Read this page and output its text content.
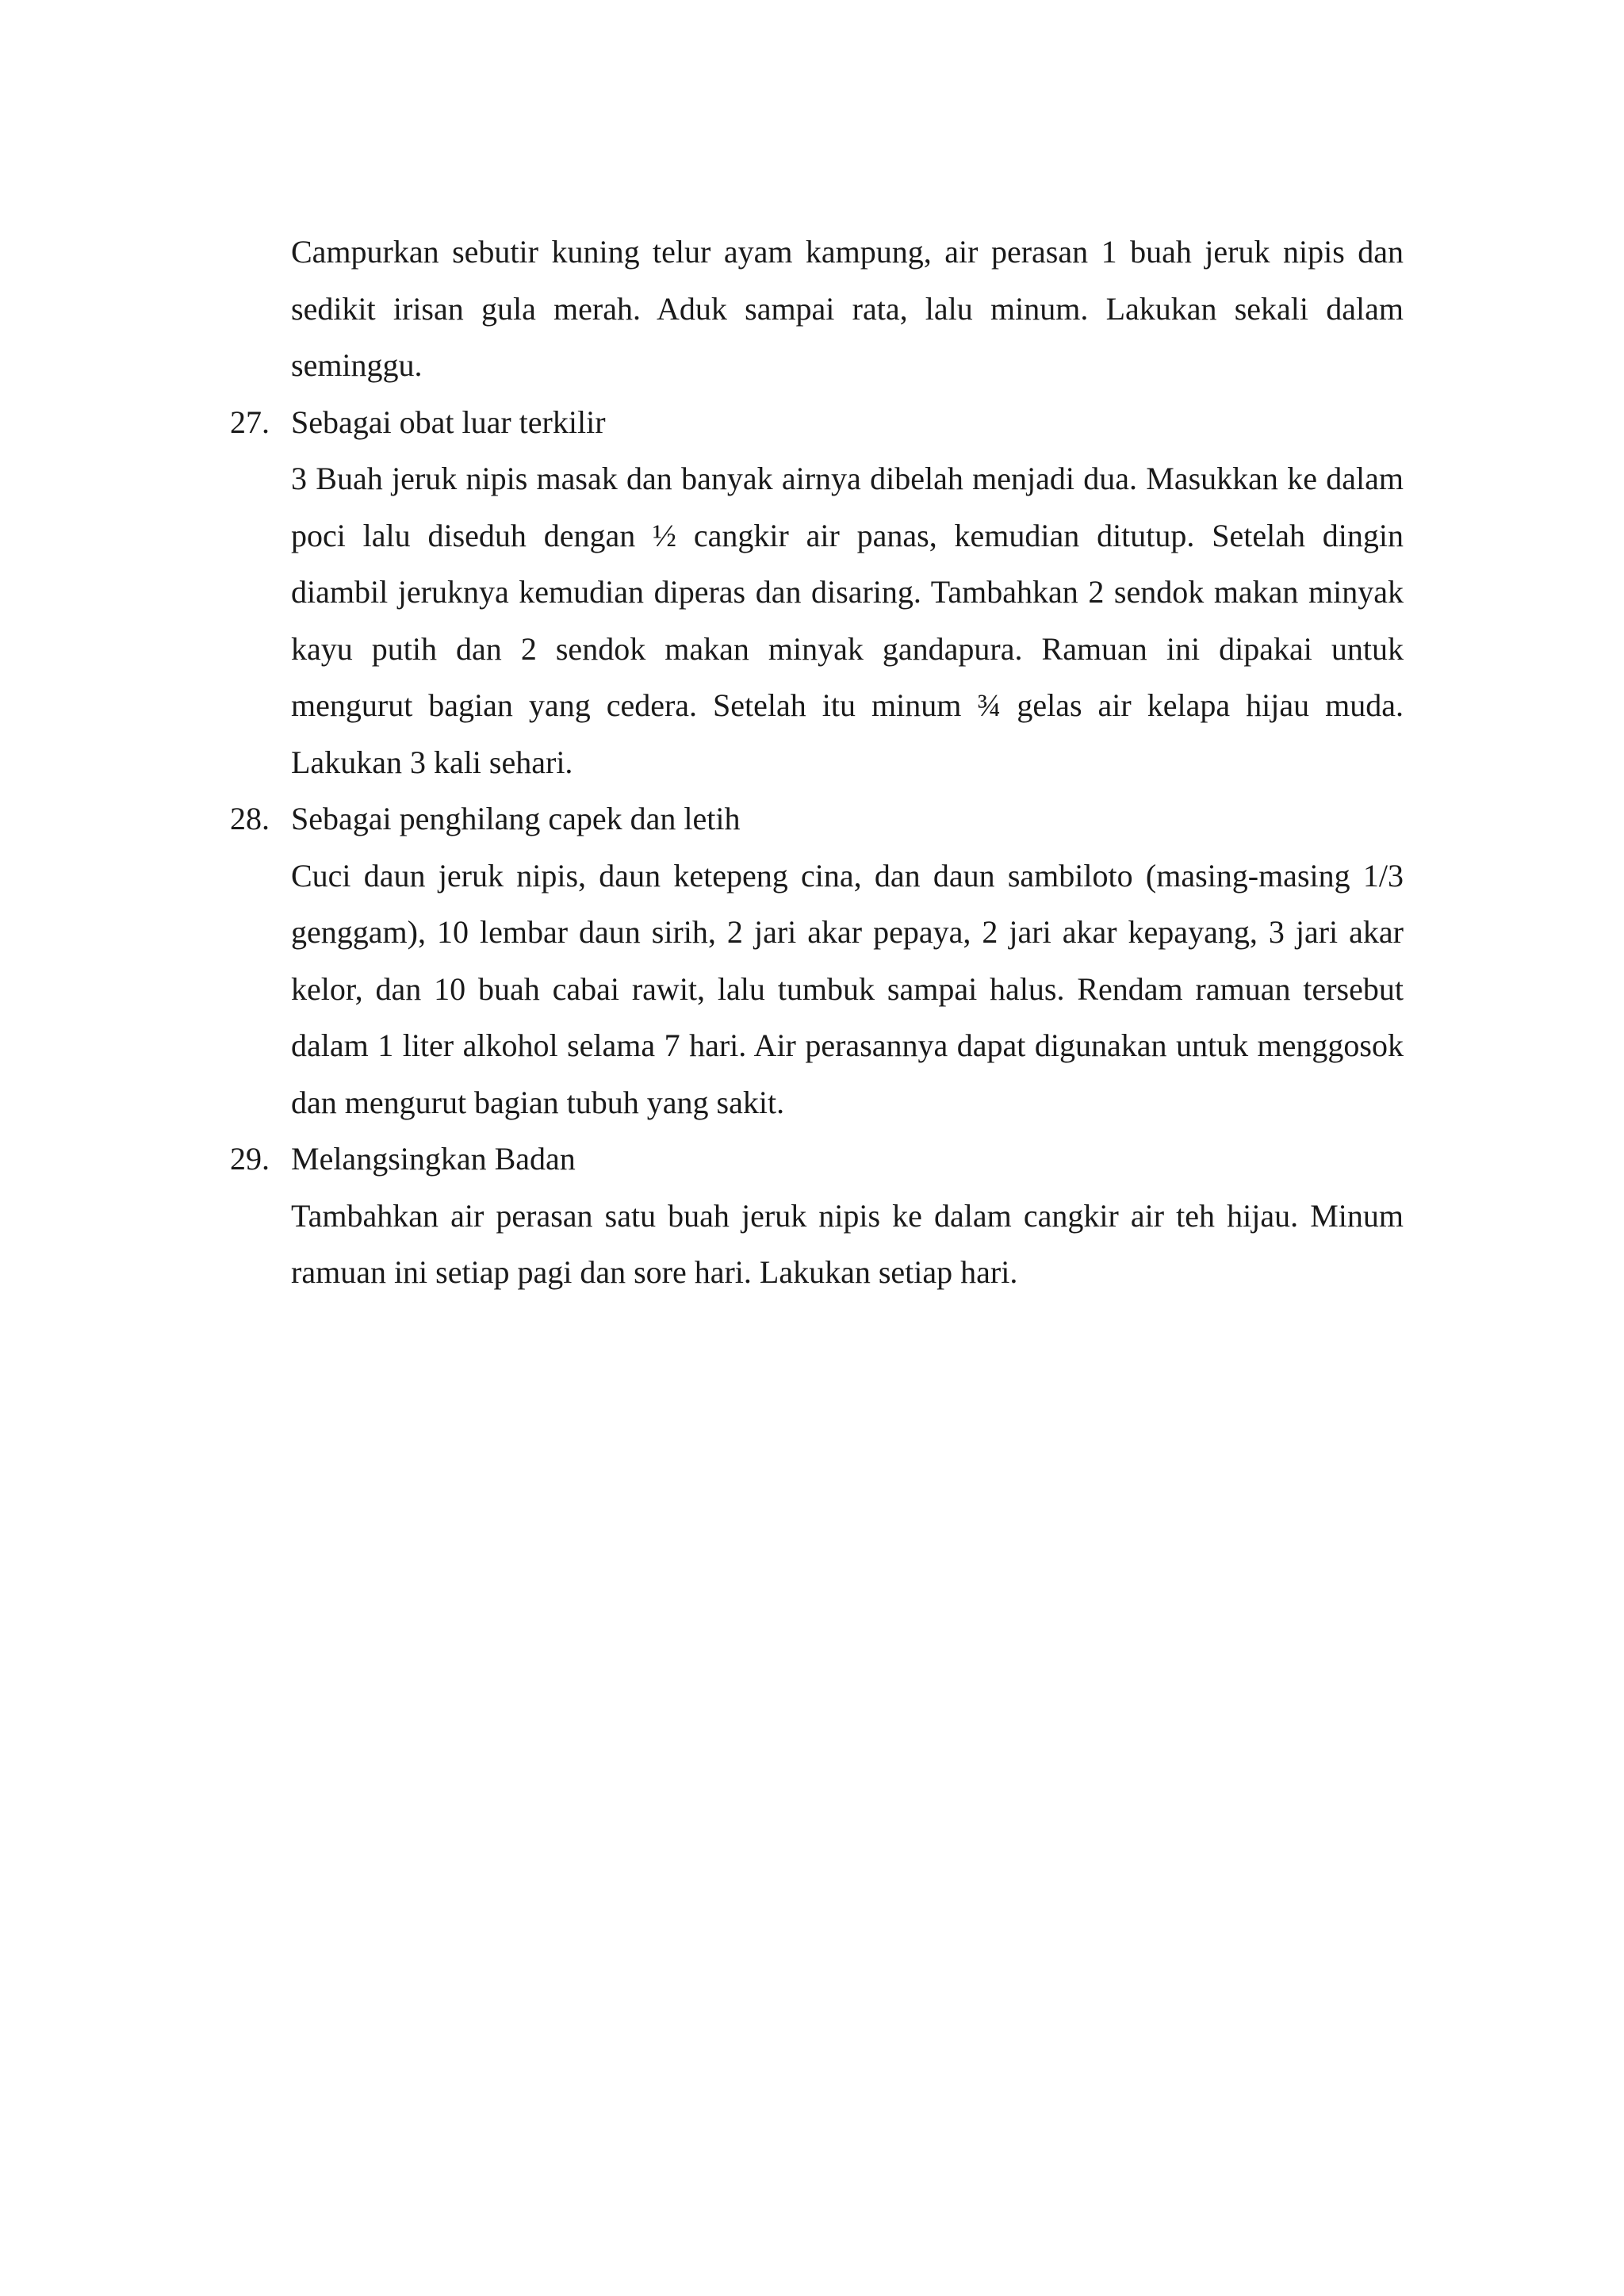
Campurkan sebutir kuning telur ayam kampung, air perasan 1 buah jeruk nipis dan sedikit irisan gula merah. Aduk sampai rata, lalu minum. Lakukan sekali dalam seminggu.

27. Sebagai obat luar terkilir

3 Buah jeruk nipis masak dan banyak airnya dibelah menjadi dua. Masukkan ke dalam poci lalu diseduh dengan ½ cangkir air panas, kemudian ditutup. Setelah dingin diambil jeruknya kemudian diperas dan disaring. Tambahkan 2 sendok makan minyak kayu putih dan 2 sendok makan minyak gandapura. Ramuan ini dipakai untuk mengurut bagian yang cedera. Setelah itu minum ¾ gelas air kelapa hijau muda. Lakukan 3 kali sehari.

28. Sebagai penghilang capek dan letih

Cuci daun jeruk nipis, daun ketepeng cina, dan daun sambiloto (masing-masing 1/3 genggam), 10 lembar daun sirih, 2 jari akar pepaya, 2 jari akar kepayang, 3 jari akar kelor, dan 10 buah cabai rawit, lalu tumbuk sampai halus. Rendam ramuan tersebut dalam 1 liter alkohol selama 7 hari. Air perasannya dapat digunakan untuk menggosok dan mengurut bagian tubuh yang sakit.

29. Melangsingkan Badan

Tambahkan air perasan satu buah jeruk nipis ke dalam cangkir air teh hijau. Minum ramuan ini setiap pagi dan sore hari. Lakukan setiap hari.
